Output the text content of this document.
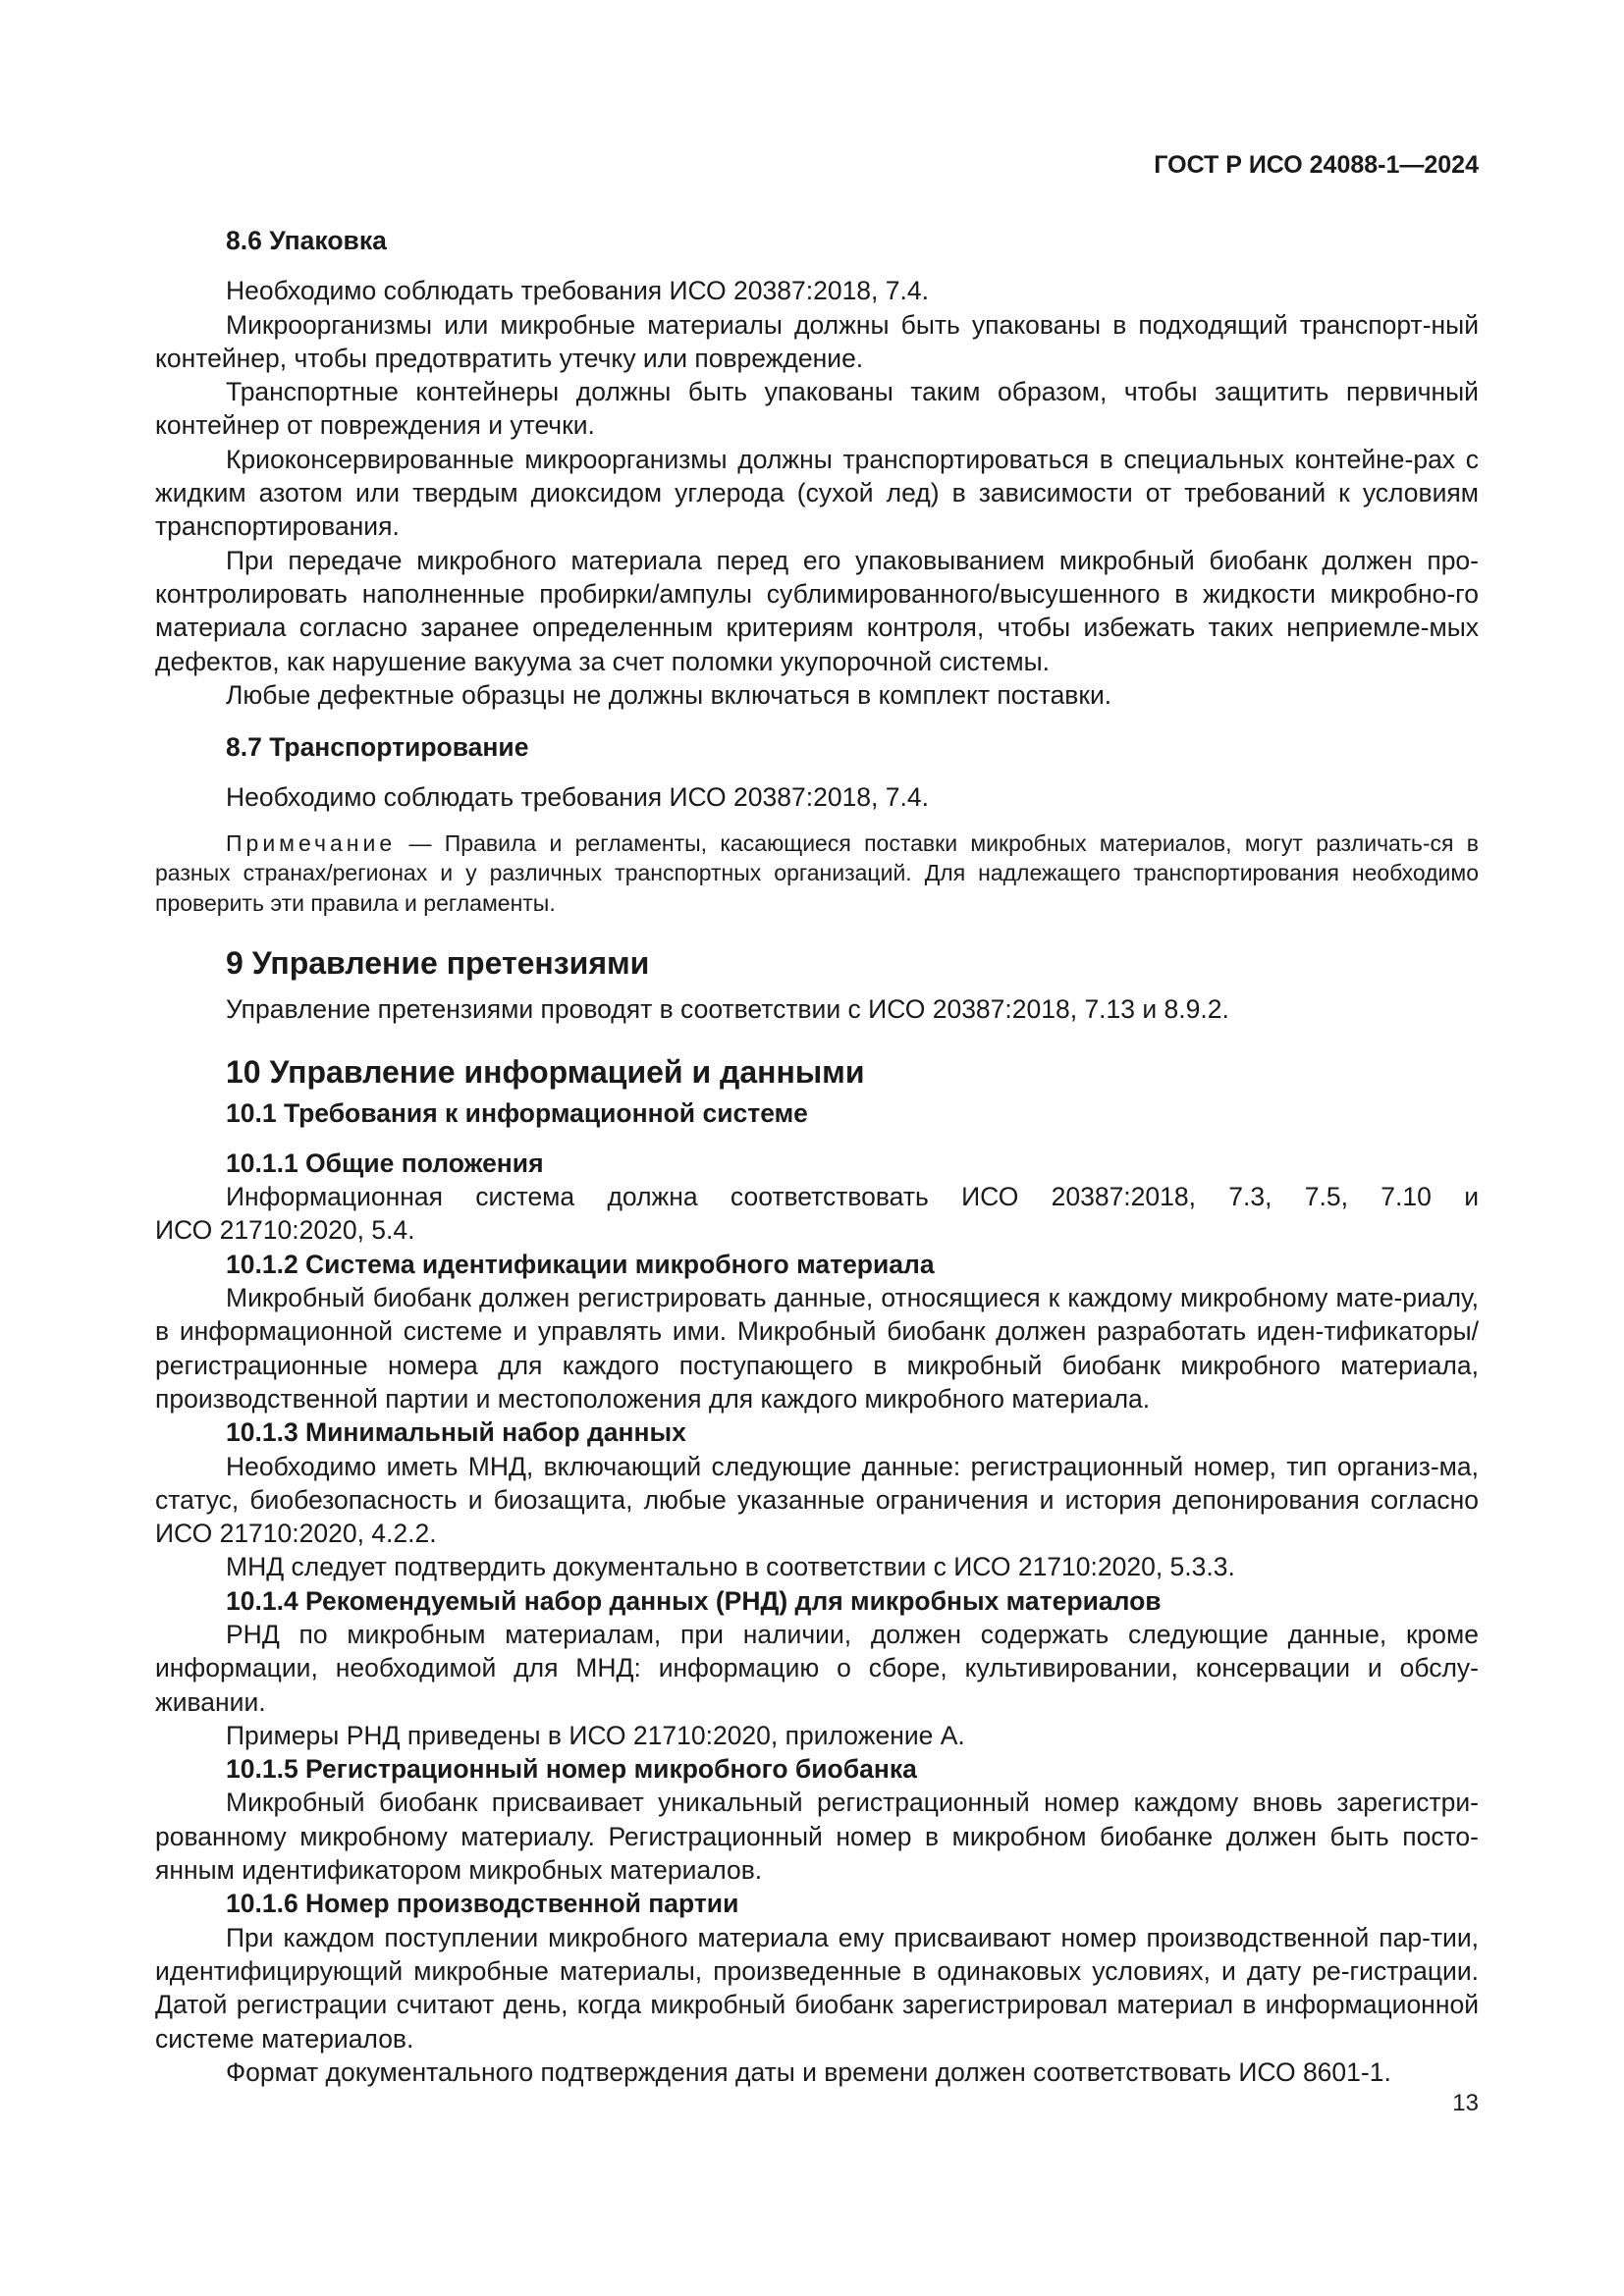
ГОСТ Р ИСО 24088-1—2024
8.6 Упаковка

Необходимо соблюдать требования ИСО 20387:2018, 7.4.

Микроорганизмы или микробные материалы должны быть упакованы в подходящий транспорт-ный контейнер, чтобы предотвратить утечку или повреждение.

Транспортные контейнеры должны быть упакованы таким образом, чтобы защитить первичный контейнер от повреждения и утечки.

Криоконсервированные микроорганизмы должны транспортироваться в специальных контейне-рах с жидким азотом или твердым диоксидом углерода (сухой лед) в зависимости от требований к условиям транспортирования.

При передаче микробного материала перед его упаковыванием микробный биобанк должен про-контролировать наполненные пробирки/ампулы сублимированного/высушенного в жидкости микробно-го материала согласно заранее определенным критериям контроля, чтобы избежать таких неприемле-мых дефектов, как нарушение вакуума за счет поломки укупорочной системы.

Любые дефектные образцы не должны включаться в комплект поставки.

8.7 Транспортирование

Необходимо соблюдать требования ИСО 20387:2018, 7.4.

Примечание — Правила и регламенты, касающиеся поставки микробных материалов, могут различать-ся в разных странах/регионах и у различных транспортных организаций. Для надлежащего транспортирования необходимо проверить эти правила и регламенты.

9 Управление претензиями

Управление претензиями проводят в соответствии с ИСО 20387:2018, 7.13 и 8.9.2.

10 Управление информацией и данными
10.1 Требования к информационной системе
10.1.1 Общие положения

Информационная система должна соответствовать ИСО 20387:2018, 7.3, 7.5, 7.10 и

ИСО 21710:2020, 5.4.

10.1.2 Система идентификации микробного материала

Микробный биобанк должен регистрировать данные, относящиеся к каждому микробному мате-риалу, в информационной системе и управлять ими. Микробный биобанк должен разработать иден-тификаторы/регистрационные номера для каждого поступающего в микробный биобанк микробного материала, производственной партии и местоположения для каждого микробного материала.

10.1.3 Минимальный набор данных

Необходимо иметь МНД, включающий следующие данные: регистрационный номер, тип организ-ма, статус, биобезопасность и биозащита, любые указанные ограничения и история депонирования согласно ИСО 21710:2020, 4.2.2.

МНД следует подтвердить документально в соответствии с ИСО 21710:2020, 5.3.3.

10.1.4 Рекомендуемый набор данных (РНД) для микробных материалов

РНД по микробным материалам, при наличии, должен содержать следующие данные, кроме информации, необходимой для МНД: информацию о сборе, культивировании, консервации и обслу-живании.

Примеры РНД приведены в ИСО 21710:2020, приложение А.

10.1.5 Регистрационный номер микробного биобанка

Микробный биобанк присваивает уникальный регистрационный номер каждому вновь зарегистри-рованному микробному материалу. Регистрационный номер в микробном биобанке должен быть посто-янным идентификатором микробных материалов.

10.1.6 Номер производственной партии

При каждом поступлении микробного материала ему присваивают номер производственной пар-тии, идентифицирующий микробные материалы, произведенные в одинаковых условиях, и дату ре-гистрации. Датой регистрации считают день, когда микробный биобанк зарегистрировал материал в информационной системе материалов.

Формат документального подтверждения даты и времени должен соответствовать ИСО 8601-1.

13
